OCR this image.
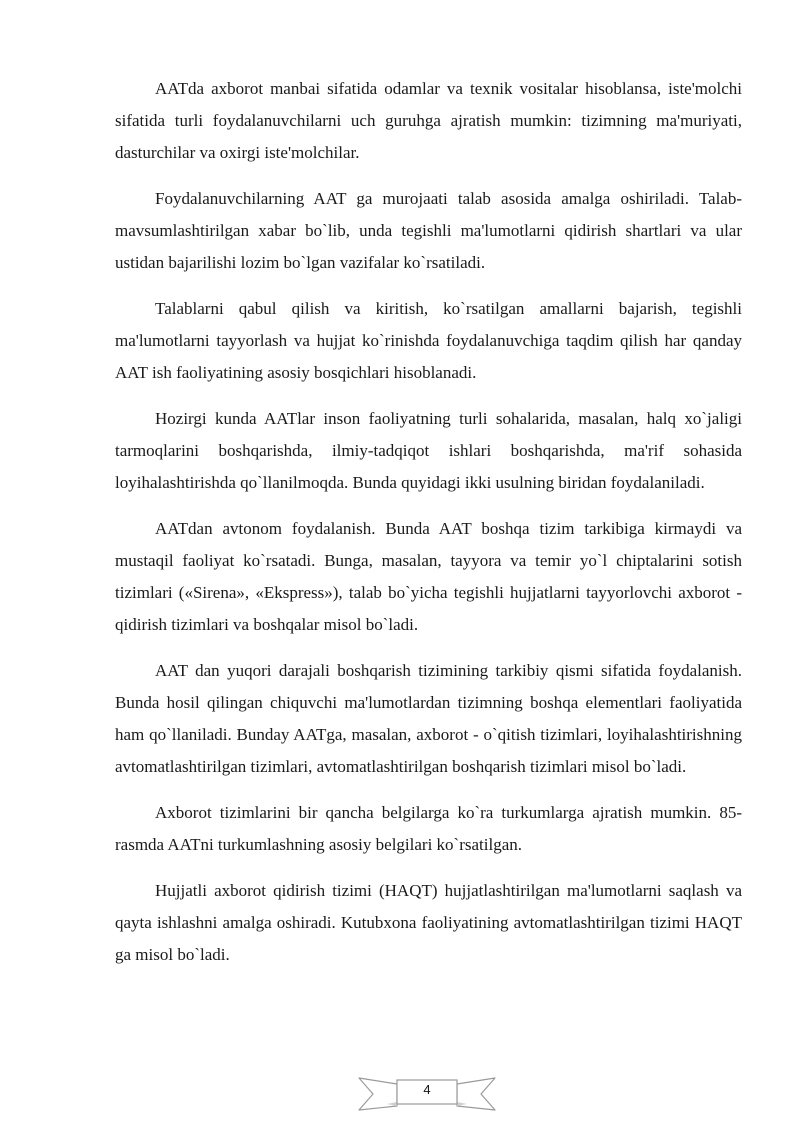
AATda axborot manbai sifatida odamlar va texnik vositalar hisoblansa, iste'molchi sifatida turli foydalanuvchilarni uch guruhga ajratish mumkin: tizimning ma'muriyati, dasturchilar va oxirgi iste'molchilar.

Foydalanuvchilarning AAT ga murojaati talab asosida amalga oshiriladi. Talab-mavsumlashtirilgan xabar bo`lib, unda tegishli ma'lumotlarni qidirish shartlari va ular ustidan bajarilishi lozim bo`lgan vazifalar ko`rsatiladi.

Talablarni qabul qilish va kiritish, ko`rsatilgan amallarni bajarish, tegishli ma'lumotlarni tayyorlash va hujjat ko`rinishda foydalanuvchiga taqdim qilish har qanday AAT ish faoliyatining asosiy bosqichlari hisoblanadi.

Hozirgi kunda AATlar inson faoliyatning turli sohalarida, masalan, halq xo`jaligi tarmoqlarini boshqarishda, ilmiy-tadqiqot ishlari boshqarishda, ma'rif sohasida loyihalashtirishda qo`llanilmoqda. Bunda quyidagi ikki usulning biridan foydalaniladi.

AATdan avtonom foydalanish. Bunda AAT boshqa tizim tarkibiga kirmaydi va mustaqil faoliyat ko`rsatadi. Bunga, masalan, tayyora va temir yo`l chiptalarini sotish tizimlari («Sirena», «Ekspress»), talab bo`yicha tegishli hujjatlarni tayyorlovchi axborot - qidirish tizimlari va boshqalar misol bo`ladi.

AAT dan yuqori darajali boshqarish tizimining tarkibiy qismi sifatida foydalanish. Bunda hosil qilingan chiquvchi ma'lumotlardan tizimning boshqa elementlari faoliyatida ham qo`llaniladi. Bunday AATga, masalan, axborot - o`qitish tizimlari, loyihalashtirishning avtomatlashtirilgan tizimlari, avtomatlashtirilgan boshqarish tizimlari misol bo`ladi.

Axborot tizimlarini bir qancha belgilarga ko`ra turkumlarga ajratish mumkin. 85-rasmda AATni turkumlashning asosiy belgilari ko`rsatilgan.

Hujjatli axborot qidirish tizimi (HAQT) hujjatlashtirilgan ma'lumotlarni saqlash va qayta ishlashni amalga oshiradi. Kutubxona faoliyatining avtomatlashtirilgan tizimi HAQT ga misol bo`ladi.

4
